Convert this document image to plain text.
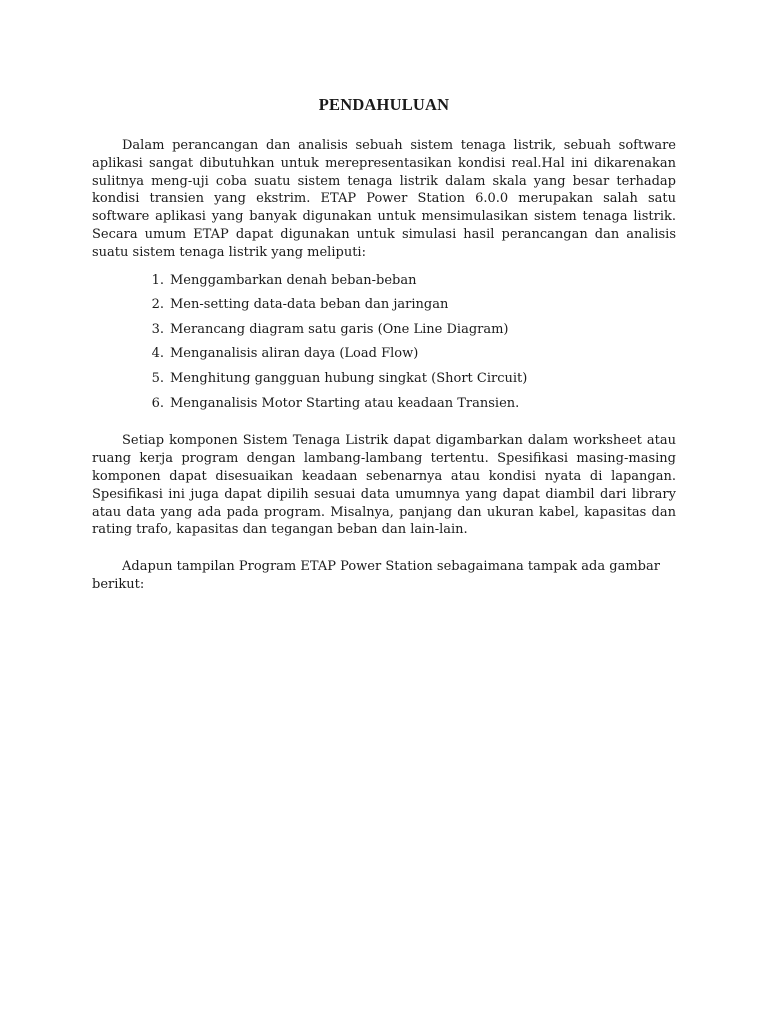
PENDAHULUAN

Dalam perancangan dan analisis sebuah sistem tenaga listrik, sebuah software aplikasi sangat dibutuhkan untuk merepresentasikan kondisi real.Hal ini dikarenakan sulitnya meng-uji coba suatu sistem tenaga listrik dalam skala yang besar terhadap kondisi transien yang ekstrim. ETAP Power Station 6.0.0 merupakan salah satu software aplikasi yang banyak digunakan untuk mensimulasikan sistem tenaga listrik. Secara umum ETAP dapat digunakan untuk simulasi hasil perancangan dan analisis suatu sistem tenaga listrik yang meliputi:

1. Menggambarkan denah beban-beban
2. Men-setting data-data beban dan jaringan
3. Merancang diagram satu garis (One Line Diagram)
4. Menganalisis aliran daya (Load Flow)
5. Menghitung gangguan hubung singkat (Short Circuit)
6. Menganalisis Motor Starting atau keadaan Transien.

Setiap komponen Sistem Tenaga Listrik dapat digambarkan dalam worksheet atau ruang kerja program dengan lambang-lambang tertentu. Spesifikasi masing-masing komponen dapat disesuaikan keadaan sebenarnya atau kondisi nyata di lapangan. Spesifikasi ini juga dapat dipilih sesuai data umumnya yang dapat diambil dari library atau data yang ada pada program. Misalnya, panjang dan ukuran kabel, kapasitas dan rating trafo, kapasitas dan tegangan beban dan lain-lain.

Adapun tampilan Program ETAP Power Station sebagaimana tampak ada gambar berikut:
